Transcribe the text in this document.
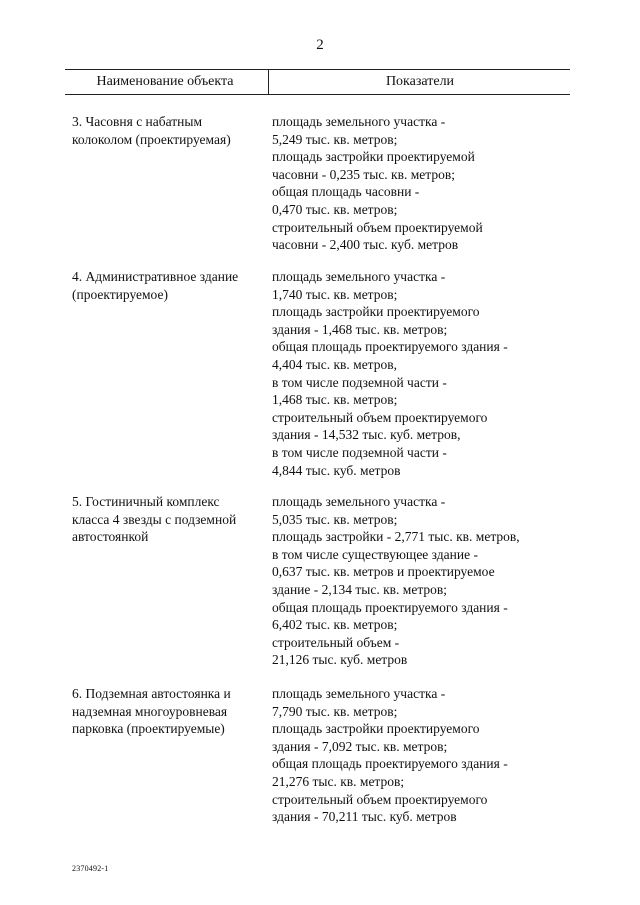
2
Наименование объекта	Показатели
3. Часовня с набатным
колоколом (проектируемая)
площадь земельного участка -
5,249 тыс. кв. метров;
площадь застройки проектируемой
часовни - 0,235 тыс. кв. метров;
общая площадь часовни -
0,470 тыс. кв. метров;
строительный объем проектируемой
часовни - 2,400 тыс. куб. метров
4. Административное здание
(проектируемое)
площадь земельного участка -
1,740 тыс. кв. метров;
площадь застройки проектируемого
здания - 1,468 тыс. кв. метров;
общая площадь проектируемого здания -
4,404 тыс. кв. метров,
в том числе подземной части -
1,468 тыс. кв. метров;
строительный объем проектируемого
здания - 14,532 тыс. куб. метров,
в том числе подземной части -
4,844 тыс. куб. метров
5. Гостиничный комплекс
класса 4 звезды с подземной
автостоянкой
площадь земельного участка -
5,035 тыс. кв. метров;
площадь застройки - 2,771 тыс. кв. метров,
в том числе существующее здание -
0,637 тыс. кв. метров и проектируемое
здание - 2,134 тыс. кв. метров;
общая площадь проектируемого здания -
6,402 тыс. кв. метров;
строительный объем -
21,126 тыс. куб. метров
6. Подземная автостоянка и
надземная многоуровневая
парковка (проектируемые)
площадь земельного участка -
7,790 тыс. кв. метров;
площадь застройки проектируемого
здания - 7,092 тыс. кв. метров;
общая площадь проектируемого здания -
21,276 тыс. кв. метров;
строительный объем проектируемого
здания - 70,211 тыс. куб. метров
2370492-1
